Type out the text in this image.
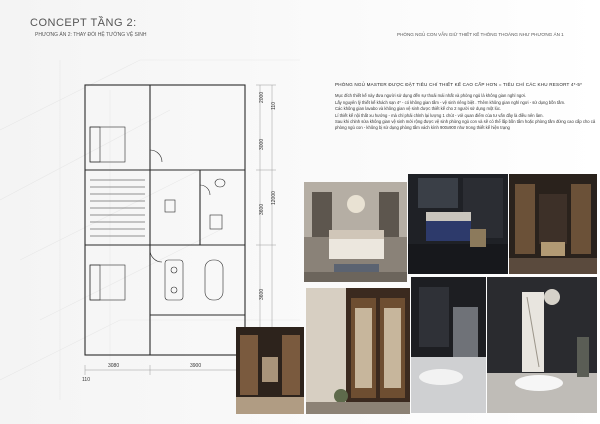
CONCEPT TẦNG 2:
PHƯƠNG ÁN 2: THAY ĐỔI HỆ TƯỜNG VỆ SINH	PHÒNG NGỦ CON VẪN GIỮ THIẾT KẾ THÔNG THOÁNG NHƯ PHƯƠNG ÁN 1
2000
110
3000
12000
3600
3600
3080	3900
110
PHÒNG NGỦ MASTER ĐƯỢC ĐẶT TIÊU CHÍ THIẾT KẾ CAO CẤP HƠN = TIÊU CHÍ CÁC KHU RESORT 4*-5*

Mục đích thiết kế này đưa người sử dụng đến sự thoải mái nhất và phòng ngủ là không gian nghỉ ngơi.

Lấy nguyên lý thiết kế khách sạn 4* - có không gian tắm - vệ sinh riêng biệt . Thêm không gian nghỉ ngơi - sử dụng bồn tắm.

Các không gian lavabo và không gian vệ sinh được thiết kế cho 2 người sử dụng một lúc.

Lí thiết kế nội thất xu hướng - mà chỉ phải chỉnh lại lượng 1 chút - với quan điểm của tư vấn đây là điều nên làm.

Sau khi chỉnh sửa không gian vệ sinh mới rộng được vệ sinh phòng ngủ con và sẽ có thể lắp bồn tắm hoặc phòng tắm đứng cao cấp cho cả phòng ngủ con - không bị sử dụng phòng tắm vách kính 900x900 như trong thiết kế hiện trạng
